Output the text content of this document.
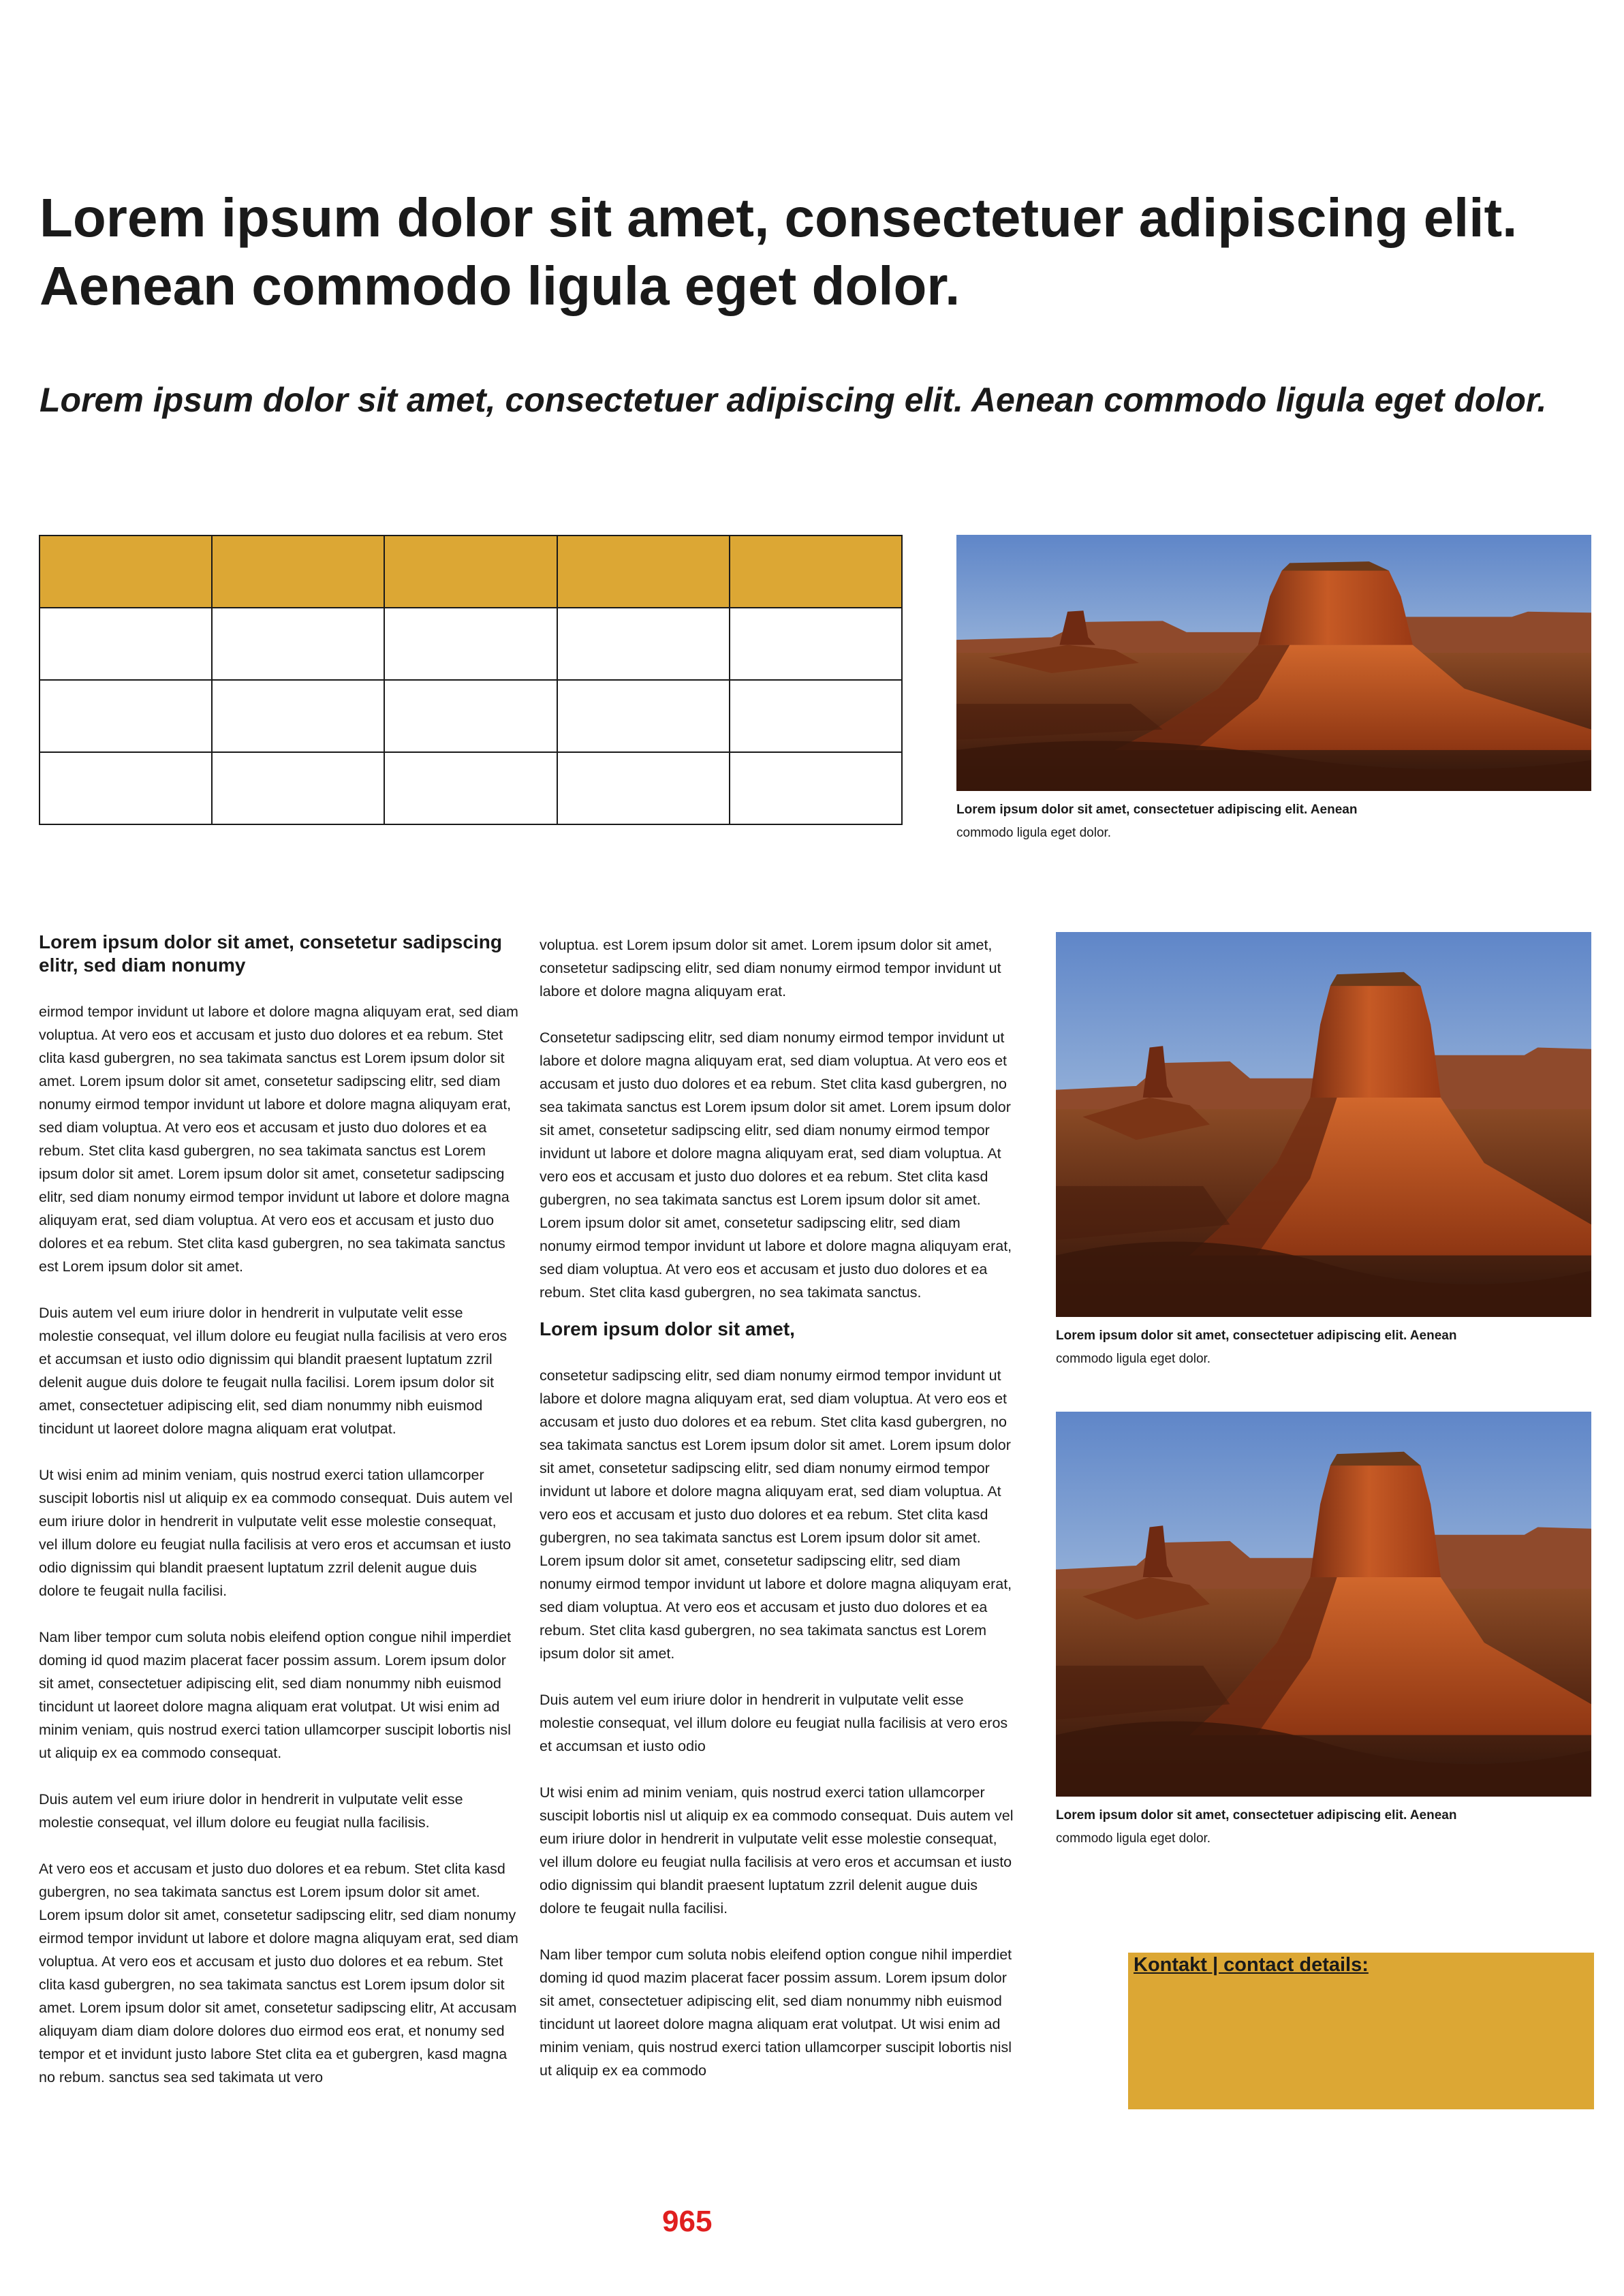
Lorem ipsum dolor sit amet, consectetuer adipiscing elit. Aenean commodo ligula eget dolor.
Lorem ipsum dolor sit amet, consectetuer adipiscing elit. Aenean commodo ligula eget dolor.

Lorem ipsum dolor sit amet, consectetuer adipiscing elit. Aenean
commodo ligula eget dolor.

Lorem ipsum dolor sit amet, consectetuer adipiscing elit. Aenean
commodo ligula eget dolor.

Lorem ipsum dolor sit amet, consectetuer adipiscing elit. Aenean
commodo ligula eget dolor.

Lorem ipsum dolor sit amet, consetetur sadipscing elitr, sed diam nonumy

eirmod tempor invidunt ut labore et dolore magna aliquyam erat, sed diam voluptua. At vero eos et accusam et justo duo dolores et ea rebum. Stet clita kasd gubergren, no sea takimata sanctus est Lorem ipsum dolor sit amet. Lorem ipsum dolor sit amet, consetetur sadipscing elitr, sed diam nonumy eirmod tempor invidunt ut labore et dolore magna aliquyam erat, sed diam voluptua. At vero eos et accusam et justo duo dolores et ea rebum. Stet clita kasd gubergren, no sea takimata sanctus est Lorem ipsum dolor sit amet. Lorem ipsum dolor sit amet, consetetur sadipscing elitr, sed diam nonumy eirmod tempor invidunt ut labore et dolore magna aliquyam erat, sed diam voluptua. At vero eos et accusam et justo duo dolores et ea rebum. Stet clita kasd gubergren, no sea takimata sanctus est Lorem ipsum dolor sit amet.

Duis autem vel eum iriure dolor in hendrerit in vulputate velit esse molestie consequat, vel illum dolore eu feugiat nulla facilisis at vero eros et accumsan et iusto odio dignissim qui blandit praesent luptatum zzril delenit augue duis dolore te feugait nulla facilisi. Lorem ipsum dolor sit amet, consectetuer adipiscing elit, sed diam nonummy nibh euismod tincidunt ut laoreet dolore magna aliquam erat volutpat.

Ut wisi enim ad minim veniam, quis nostrud exerci tation ullamcorper suscipit lobortis nisl ut aliquip ex ea commodo consequat. Duis autem vel eum iriure dolor in hendrerit in vulputate velit esse molestie consequat, vel illum dolore eu feugiat nulla facilisis at vero eros et accumsan et iusto odio dignissim qui blandit praesent luptatum zzril delenit augue duis dolore te feugait nulla facilisi.

Nam liber tempor cum soluta nobis eleifend option congue nihil imperdiet doming id quod mazim placerat facer possim assum. Lorem ipsum dolor sit amet, consectetuer adipiscing elit, sed diam nonummy nibh euismod tincidunt ut laoreet dolore magna aliquam erat volutpat. Ut wisi enim ad minim veniam, quis nostrud exerci tation ullamcorper suscipit lobortis nisl ut aliquip ex ea commodo consequat.

Duis autem vel eum iriure dolor in hendrerit in vulputate velit esse molestie consequat, vel illum dolore eu feugiat nulla facilisis.

At vero eos et accusam et justo duo dolores et ea rebum. Stet clita kasd gubergren, no sea takimata sanctus est Lorem ipsum dolor sit amet. Lorem ipsum dolor sit amet, consetetur sadipscing elitr, sed diam nonumy eirmod tempor invidunt ut labore et dolore magna aliquyam erat, sed diam voluptua. At vero eos et accusam et justo duo dolores et ea rebum. Stet clita kasd gubergren, no sea takimata sanctus est Lorem ipsum dolor sit amet. Lorem ipsum dolor sit amet, consetetur sadipscing elitr, At accusam aliquyam diam diam dolore dolores duo eirmod eos erat, et nonumy sed tempor et et invidunt justo labore Stet clita ea et gubergren, kasd magna no rebum. sanctus sea sed takimata ut vero

voluptua. est Lorem ipsum dolor sit amet. Lorem ipsum dolor sit amet, consetetur sadipscing elitr, sed diam nonumy eirmod tempor invidunt ut labore et dolore magna aliquyam erat.

Consetetur sadipscing elitr, sed diam nonumy eirmod tempor invidunt ut labore et dolore magna aliquyam erat, sed diam voluptua. At vero eos et accusam et justo duo dolores et ea rebum. Stet clita kasd gubergren, no sea takimata sanctus est Lorem ipsum dolor sit amet. Lorem ipsum dolor sit amet, consetetur sadipscing elitr, sed diam nonumy eirmod tempor invidunt ut labore et dolore magna aliquyam erat, sed diam voluptua. At vero eos et accusam et justo duo dolores et ea rebum. Stet clita kasd gubergren, no sea takimata sanctus est Lorem ipsum dolor sit amet. Lorem ipsum dolor sit amet, consetetur sadipscing elitr, sed diam nonumy eirmod tempor invidunt ut labore et dolore magna aliquyam erat, sed diam voluptua. At vero eos et accusam et justo duo dolores et ea rebum. Stet clita kasd gubergren, no sea takimata sanctus.

Lorem ipsum dolor sit amet,

consetetur sadipscing elitr, sed diam nonumy eirmod tempor invidunt ut labore et dolore magna aliquyam erat, sed diam voluptua. At vero eos et accusam et justo duo dolores et ea rebum. Stet clita kasd gubergren, no sea takimata sanctus est Lorem ipsum dolor sit amet. Lorem ipsum dolor sit amet, consetetur sadipscing elitr, sed diam nonumy eirmod tempor invidunt ut labore et dolore magna aliquyam erat, sed diam voluptua. At vero eos et accusam et justo duo dolores et ea rebum. Stet clita kasd gubergren, no sea takimata sanctus est Lorem ipsum dolor sit amet. Lorem ipsum dolor sit amet, consetetur sadipscing elitr, sed diam nonumy eirmod tempor invidunt ut labore et dolore magna aliquyam erat, sed diam voluptua. At vero eos et accusam et justo duo dolores et ea rebum. Stet clita kasd gubergren, no sea takimata sanctus est Lorem ipsum dolor sit amet.

Duis autem vel eum iriure dolor in hendrerit in vulputate velit esse molestie consequat, vel illum dolore eu feugiat nulla facilisis at vero eros et accumsan et iusto odio

Ut wisi enim ad minim veniam, quis nostrud exerci tation ullamcorper suscipit lobortis nisl ut aliquip ex ea commodo consequat. Duis autem vel eum iriure dolor in hendrerit in vulputate velit esse molestie consequat, vel illum dolore eu feugiat nulla facilisis at vero eros et accumsan et iusto odio dignissim qui blandit praesent luptatum zzril delenit augue duis dolore te feugait nulla facilisi.

Nam liber tempor cum soluta nobis eleifend option congue nihil imperdiet doming id quod mazim placerat facer possim assum. Lorem ipsum dolor sit amet, consectetuer adipiscing elit, sed diam nonummy nibh euismod tincidunt ut laoreet dolore magna aliquam erat volutpat. Ut wisi enim ad minim veniam, quis nostrud exerci tation ullamcorper suscipit lobortis nisl ut aliquip ex ea commodo

Kontakt | contact details:
965
